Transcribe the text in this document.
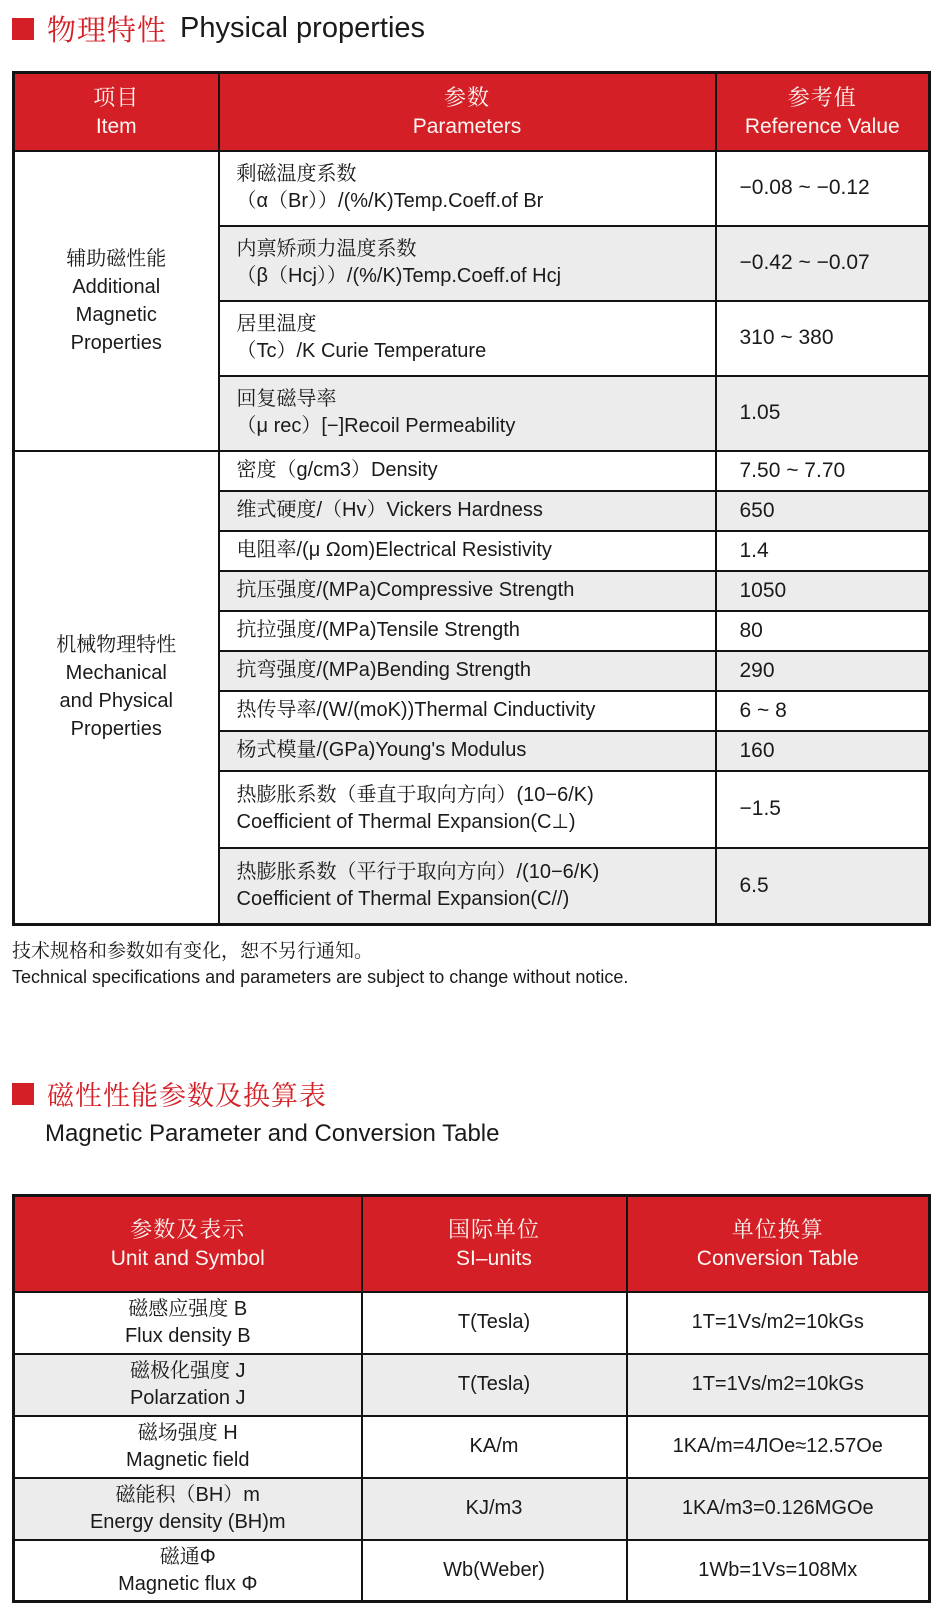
物理特性 Physical properties
项目
Item

参数
Parameters

参考值
Reference Value

辅助磁性能
Additional
Magnetic
Properties

剩磁温度系数
（α（Br））/(%/K)Temp.Coeff.of Br
	−0.08 ~ −0.12

	内禀矫顽力温度系数
（β（Hcj））/(%/K)Temp.Coeff.of Hcj	−0.42 ~ −0.07

	居里温度
（Tc）/K Curie Temperature	310 ~ 380

	回复磁导率
（μ rec）[−]Recoil Permeability	1.05

机械物理特性
Mechanical
and Physical
Properties	密度（g/cm3）Density	7.50 ~ 7.70
	维式硬度/（Hv）Vickers Hardness	650
	电阻率/(μ Ωom)Electrical Resistivity	1.4
	抗压强度/(MPa)Compressive Strength	1050
	抗拉强度/(MPa)Tensile Strength	80
	抗弯强度/(MPa)Bending Strength	290
	热传导率/(W/(moK))Thermal Cinductivity	6 ~ 8
	杨式模量/(GPa)Young's Modulus	160

	热膨胀系数（垂直于取向方向）(10−6/K)
Coefficient of Thermal Expansion(C⊥)	−1.5

	热膨胀系数（平行于取向方向）/(10−6/K)
Coefficient of Thermal Expansion(C//)	6.5
技术规格和参数如有变化，恕不另行通知。
Technical specifications and parameters are subject to change without notice.
磁性性能参数及换算表
Magnetic Parameter and Conversion Table
参数及表示
Unit and Symbol

国际单位
SI–units

单位换算
Conversion Table

磁感应强度 B
Flux density B	T(Tesla)	1T=1Vs/m2=10kGs

磁极化强度 J
Polarzation J	T(Tesla)	1T=1Vs/m2=10kGs

磁场强度 H
Magnetic field	KA/m	1KA/m=4ЛOe≈12.57Oe

磁能积（BH）m
Energy density (BH)m	KJ/m3	1KA/m3=0.126MGOe

磁通Φ
Magnetic flux Φ	Wb(Weber)	1Wb=1Vs=108Mx
